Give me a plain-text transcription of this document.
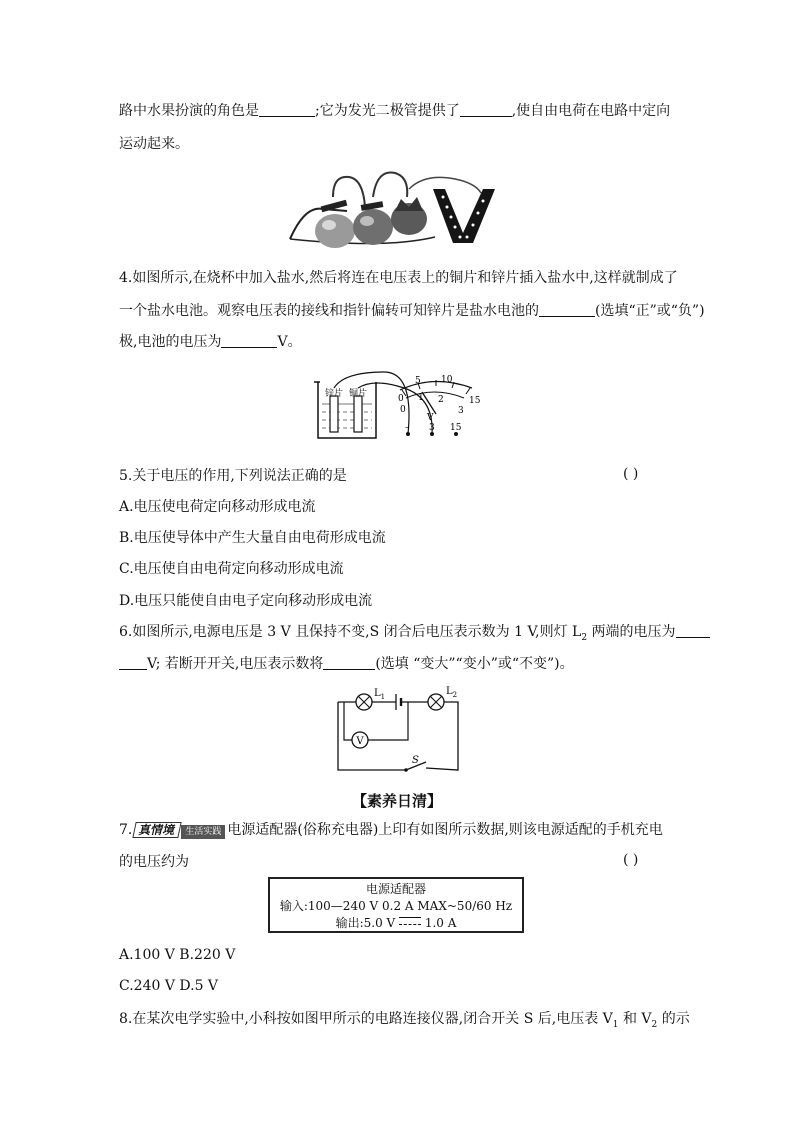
路中水果扮演的角色是	;它为发光二极管提供了	,使自由电荷在电路中定向
运动起来。
4.如图所示,在烧杯中加入盐水,然后将连在电压表上的铜片和锌片插入盐水中,这样就制成了
一个盐水电池。观察电压表的接线和指针偏转可知锌片是盐水电池的	(选填“正”或“负”)
极,电池的电压为	V。
锌片 铜片	0
5 10
15
0
1 2
3
V
– 3 15
5.关于电压的作用,下列说法正确的是	( )
A.电压使电荷定向移动形成电流
B.电压使导体中产生大量自由电荷形成电流
C.电压使自由电荷定向移动形成电流
D.电压只能使自由电子定向移动形成电流
6.如图所示,电源电压是 3 V 且保持不变,S 闭合后电压表示数为 1 V,则灯 $L_2$ 两端的电压为
V; 若断开开关,电压表示数将	(选填 “变大”“变小”或“不变”)。
S
$L_1$	$L_2$
V
【素养日清】
7. 真情境 生活实践 电源适配器(俗称充电器)上印有如图所示数据,则该电源适配的手机充电
的电压约为	( )
电源适配器
输入:100—240 V 0.2 A MAX~50/60 Hz
输出:5.0 V  1.0 A
A.100 V B.220 V
C.240 V D.5 V
8.在某次电学实验中,小科按如图甲所示的电路连接仪器,闭合开关 S 后,电压表 $V_1$ 和 $V_2$ 的示
